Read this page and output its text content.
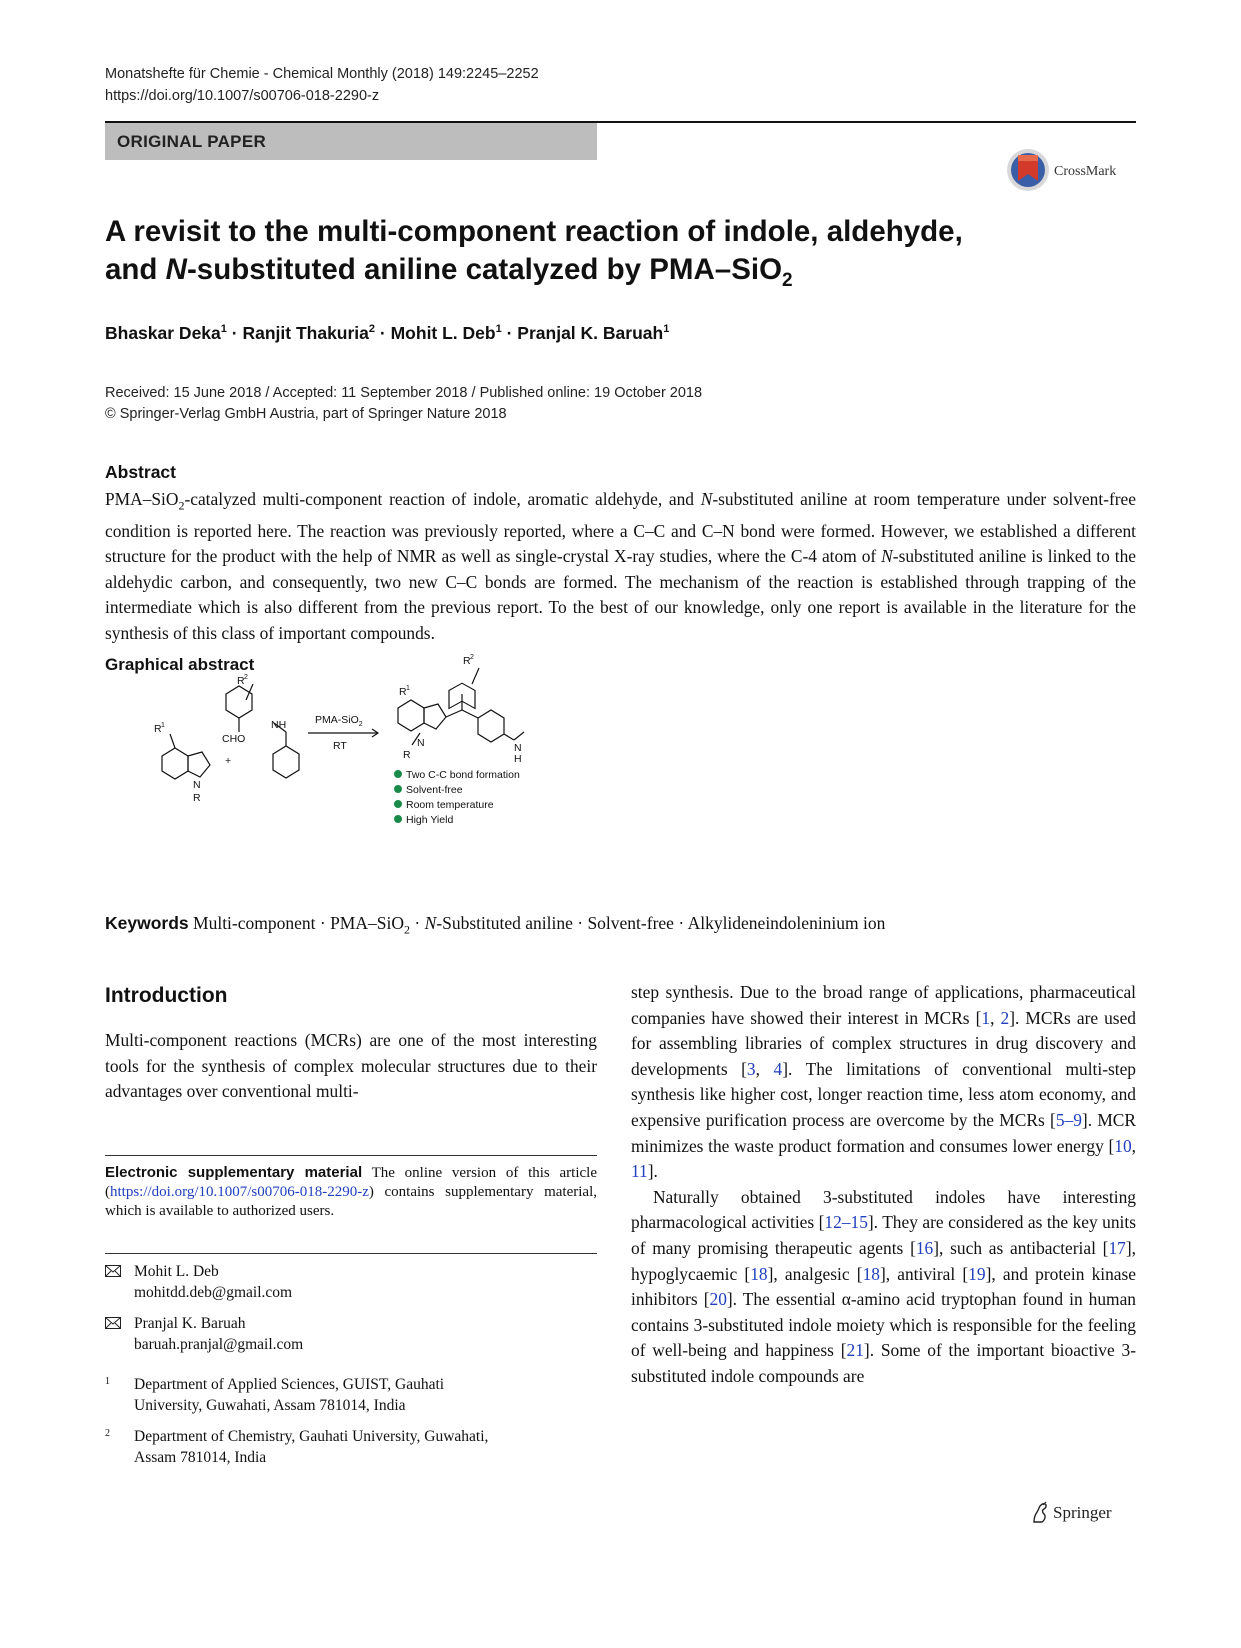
Monatshefte für Chemie - Chemical Monthly (2018) 149:2245–2252
https://doi.org/10.1007/s00706-018-2290-z
ORIGINAL PAPER
CrossMark
A revisit to the multi-component reaction of indole, aldehyde,
and N-substituted aniline catalyzed by PMA–SiO$_2$
Bhaskar Deka$^1$ · Ranjit Thakuria$^2$ · Mohit L. Deb$^1$ · Pranjal K. Baruah$^1$
Received: 15 June 2018 / Accepted: 11 September 2018 / Published online: 19 October 2018
© Springer-Verlag GmbH Austria, part of Springer Nature 2018
Abstract
PMA–SiO$_2$-catalyzed multi-component reaction of indole, aromatic aldehyde, and N-substituted aniline at room temperature under solvent-free condition is reported here. The reaction was previously reported, where a C–C and C–N bond were formed. However, we established a different structure for the product with the help of NMR as well as single-crystal X-ray studies, where the C-4 atom of N-substituted aniline is linked to the aldehydic carbon, and consequently, two new C–C bonds are formed. The mechanism of the reaction is established through trapping of the intermediate which is also different from the previous report. To the best of our knowledge, only one report is available in the literature for the synthesis of this class of important compounds.
Graphical abstract
R 1
N
R
R 2
CHO
NH
+
PMA-SiO$_2$
RT
R 1
N
R
R 2
N
H
Two C-C bond formation
Solvent-free
Room temperature
High Yield
Keywords Multi-component · PMA–SiO$_2$ · N-Substituted aniline · Solvent-free · Alkylideneindoleninium ion
Introduction
Multi-component reactions (MCRs) are one of the most interesting tools for the synthesis of complex molecular structures due to their advantages over conventional multi-

step synthesis. Due to the broad range of applications, pharmaceutical companies have showed their interest in MCRs [1, 2]. MCRs are used for assembling libraries of complex structures in drug discovery and developments [3, 4]. The limitations of conventional multi-step synthesis like higher cost, longer reaction time, less atom economy, and expensive purification process are overcome by the MCRs [5–9]. MCR minimizes the waste product formation and consumes lower energy [10, 11].

Naturally obtained 3-substituted indoles have interesting pharmacological activities [12–15]. They are considered as the key units of many promising therapeutic agents [16], such as antibacterial [17], hypoglycaemic [18], analgesic [18], antiviral [19], and protein kinase inhibitors [20]. The essential α-amino acid tryptophan found in human contains 3-substituted indole moiety which is responsible for the feeling of well-being and happiness [21]. Some of the important bioactive 3-substituted indole compounds are

Electronic supplementary material The online version of this article (https://doi.org/10.1007/s00706-018-2290-z) contains supplementary material, which is available to authorized users.
Mohit L. Deb
mohitdd.deb@gmail.com
Pranjal K. Baruah
baruah.pranjal@gmail.com
1 Department of Applied Sciences, GUIST, Gauhati
University, Guwahati, Assam 781014, India
2 Department of Chemistry, Gauhati University, Guwahati,
Assam 781014, India
Springer
